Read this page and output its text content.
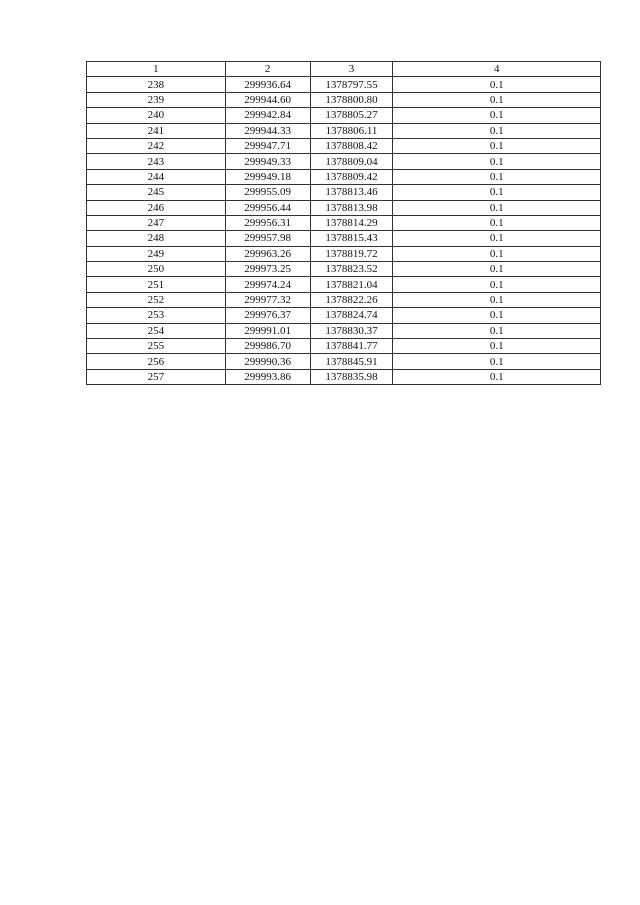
1	2	3	4
238	299936.64	1378797.55	0.1
239	299944.60	1378800.80	0.1
240	299942.84	1378805.27	0.1
241	299944.33	1378806.11	0.1
242	299947.71	1378808.42	0.1
243	299949.33	1378809.04	0.1
244	299949.18	1378809.42	0.1
245	299955.09	1378813.46	0.1
246	299956.44	1378813.98	0.1
247	299956.31	1378814.29	0.1
248	299957.98	1378815.43	0.1
249	299963.26	1378819.72	0.1
250	299973.25	1378823.52	0.1
251	299974.24	1378821.04	0.1
252	299977.32	1378822.26	0.1
253	299976.37	1378824.74	0.1
254	299991.01	1378830.37	0.1
255	299986.70	1378841.77	0.1
256	299990.36	1378845.91	0.1
257	299993.86	1378835.98	0.1
